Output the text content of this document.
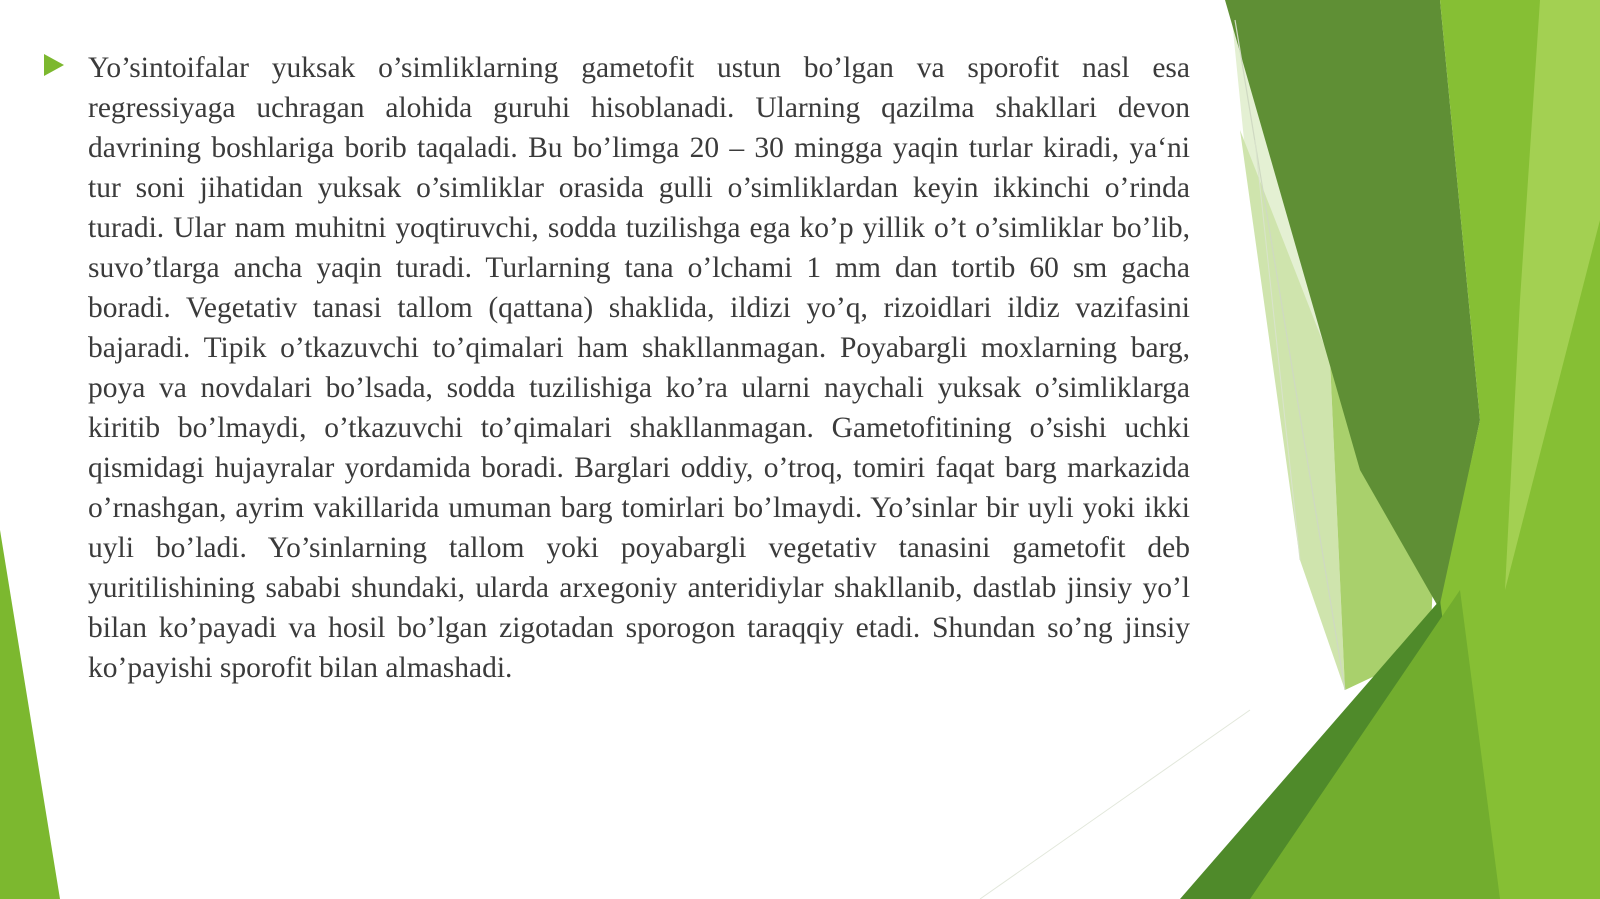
Yo’sintoifalar yuksak o’simliklarning gametofit ustun bo’lgan va sporofit nasl esa regressiyaga uchragan alohida guruhi hisoblanadi. Ularning qazilma shakllari devon davrining boshlariga borib taqaladi. Bu bo’limga 20 – 30 mingga yaqin turlar kiradi, ya‘ni tur soni jihatidan yuksak o’simliklar orasida gulli o’simliklardan keyin ikkinchi o’rinda turadi. Ular nam muhitni yoqtiruvchi, sodda tuzilishga ega ko’p yillik o’t o’simliklar bo’lib, suvo’tlarga ancha yaqin turadi. Turlarning tana o’lchami 1 mm dan tortib 60 sm gacha boradi. Vegetativ tanasi tallom (qattana) shaklida, ildizi yo’q, rizoidlari ildiz vazifasini bajaradi. Tipik o’tkazuvchi to’qimalari ham shakllanmagan. Poyabargli moxlarning barg, poya va novdalari bo’lsada, sodda tuzilishiga ko’ra ularni naychali yuksak o’simliklarga kiritib bo’lmaydi, o’tkazuvchi to’qimalari shakllanmagan. Gametofitining o’sishi uchki qismidagi hujayralar yordamida boradi. Barglari oddiy, o’troq, tomiri faqat barg markazida o’rnashgan, ayrim vakillarida umuman barg tomirlari bo’lmaydi. Yo’sinlar bir uyli yoki ikki uyli bo’ladi. Yo’sinlarning tallom yoki poyabargli vegetativ tanasini gametofit deb yuritilishining sababi shundaki, ularda arxegoniy anteridiylar shakllanib, dastlab jinsiy yo’l bilan ko’payadi va hosil bo’lgan zigotadan sporogon taraqqiy etadi. Shundan so’ng jinsiy ko’payishi sporofit bilan almashadi.
